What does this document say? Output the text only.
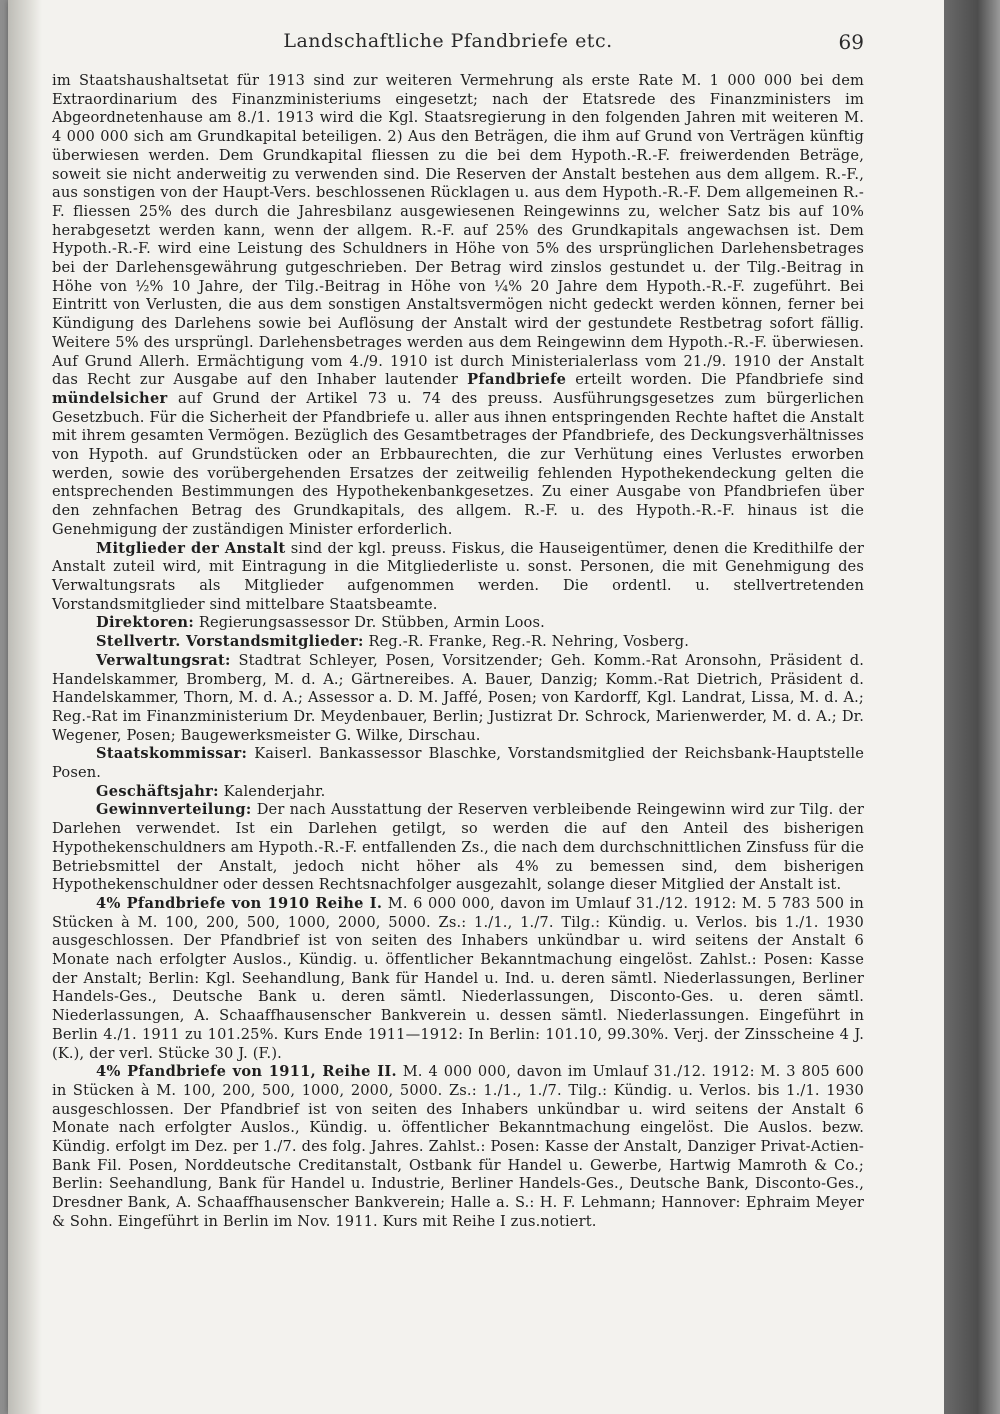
Landschaftliche Pfandbriefe etc.	69

im Staatshaushaltsetat für 1913 sind zur weiteren Vermehrung als erste Rate M. 1 000 000 bei dem Extraordinarium des Finanzministeriums eingesetzt; nach der Etatsrede des Finanzministers im Abgeordnetenhause am 8./1. 1913 wird die Kgl. Staatsregierung in den folgenden Jahren mit weiteren M. 4 000 000 sich am Grundkapital beteiligen. 2) Aus den Beträgen, die ihm auf Grund von Verträgen künftig überwiesen werden. Dem Grundkapital fliessen zu die bei dem Hypoth.-R.-F. freiwerdenden Beträge, soweit sie nicht anderweitig zu verwenden sind. Die Reserven der Anstalt bestehen aus dem allgem. R.-F., aus sonstigen von der Haupt-Vers. beschlossenen Rücklagen u. aus dem Hypoth.-R.-F. Dem allgemeinen R.-F. fliessen 25% des durch die Jahresbilanz ausgewiesenen Reingewinns zu, welcher Satz bis auf 10% herabgesetzt werden kann, wenn der allgem. R.-F. auf 25% des Grundkapitals angewachsen ist. Dem Hypoth.-R.-F. wird eine Leistung des Schuldners in Höhe von 5% des ursprünglichen Darlehensbetrages bei der Darlehensgewährung gutgeschrieben. Der Betrag wird zinslos gestundet u. der Tilg.-Beitrag in Höhe von ½% 10 Jahre, der Tilg.-Beitrag in Höhe von ¼% 20 Jahre dem Hypoth.-R.-F. zugeführt. Bei Eintritt von Verlusten, die aus dem sonstigen Anstaltsvermögen nicht gedeckt werden können, ferner bei Kündigung des Darlehens sowie bei Auflösung der Anstalt wird der gestundete Restbetrag sofort fällig. Weitere 5% des ursprüngl. Darlehensbetrages werden aus dem Reingewinn dem Hypoth.-R.-F. überwiesen. Auf Grund Allerh. Ermächtigung vom 4./9. 1910 ist durch Ministerialerlass vom 21./9. 1910 der Anstalt das Recht zur Ausgabe auf den Inhaber lautender Pfandbriefe erteilt worden. Die Pfandbriefe sind mündelsicher auf Grund der Artikel 73 u. 74 des preuss. Ausführungsgesetzes zum bürgerlichen Gesetzbuch. Für die Sicherheit der Pfandbriefe u. aller aus ihnen entspringenden Rechte haftet die Anstalt mit ihrem gesamten Vermögen. Bezüglich des Gesamtbetrages der Pfandbriefe, des Deckungsverhältnisses von Hypoth. auf Grundstücken oder an Erbbaurechten, die zur Verhütung eines Verlustes erworben werden, sowie des vorübergehenden Ersatzes der zeitweilig fehlenden Hypothekendeckung gelten die entsprechenden Bestimmungen des Hypothekenbankgesetzes. Zu einer Ausgabe von Pfandbriefen über den zehnfachen Betrag des Grundkapitals, des allgem. R.-F. u. des Hypoth.-R.-F. hinaus ist die Genehmigung der zuständigen Minister erforderlich.

Mitglieder der Anstalt sind der kgl. preuss. Fiskus, die Hauseigentümer, denen die Kredithilfe der Anstalt zuteil wird, mit Eintragung in die Mitgliederliste u. sonst. Personen, die mit Genehmigung des Verwaltungsrats als Mitglieder aufgenommen werden. Die ordentl. u. stellvertretenden Vorstandsmitglieder sind mittelbare Staatsbeamte.

Direktoren: Regierungsassessor Dr. Stübben, Armin Loos.

Stellvertr. Vorstandsmitglieder: Reg.-R. Franke, Reg.-R. Nehring, Vosberg.

Verwaltungsrat: Stadtrat Schleyer, Posen, Vorsitzender; Geh. Komm.-Rat Aronsohn, Präsident d. Handelskammer, Bromberg, M. d. A.; Gärtnereibes. A. Bauer, Danzig; Komm.-Rat Dietrich, Präsident d. Handelskammer, Thorn, M. d. A.; Assessor a. D. M. Jaffé, Posen; von Kardorff, Kgl. Landrat, Lissa, M. d. A.; Reg.-Rat im Finanzministerium Dr. Meydenbauer, Berlin; Justizrat Dr. Schrock, Marienwerder, M. d. A.; Dr. Wegener, Posen; Baugewerksmeister G. Wilke, Dirschau.

Staatskommissar: Kaiserl. Bankassessor Blaschke, Vorstandsmitglied der Reichsbank-Hauptstelle Posen.

Geschäftsjahr: Kalenderjahr.

Gewinnverteilung: Der nach Ausstattung der Reserven verbleibende Reingewinn wird zur Tilg. der Darlehen verwendet. Ist ein Darlehen getilgt, so werden die auf den Anteil des bisherigen Hypothekenschuldners am Hypoth.-R.-F. entfallenden Zs., die nach dem durchschnittlichen Zinsfuss für die Betriebsmittel der Anstalt, jedoch nicht höher als 4% zu bemessen sind, dem bisherigen Hypothekenschuldner oder dessen Rechtsnachfolger ausgezahlt, solange dieser Mitglied der Anstalt ist.

4% Pfandbriefe von 1910 Reihe I. M. 6 000 000, davon im Umlauf 31./12. 1912: M. 5 783 500 in Stücken à M. 100, 200, 500, 1000, 2000, 5000. Zs.: 1./1., 1./7. Tilg.: Kündig. u. Verlos. bis 1./1. 1930 ausgeschlossen. Der Pfandbrief ist von seiten des Inhabers unkündbar u. wird seitens der Anstalt 6 Monate nach erfolgter Auslos., Kündig. u. öffentlicher Bekanntmachung eingelöst. Zahlst.: Posen: Kasse der Anstalt; Berlin: Kgl. Seehandlung, Bank für Handel u. Ind. u. deren sämtl. Niederlassungen, Berliner Handels-Ges., Deutsche Bank u. deren sämtl. Niederlassungen, Disconto-Ges. u. deren sämtl. Niederlassungen, A. Schaaffhausenscher Bankverein u. dessen sämtl. Niederlassungen. Eingeführt in Berlin 4./1. 1911 zu 101.25%. Kurs Ende 1911—1912: In Berlin: 101.10, 99.30%. Verj. der Zinsscheine 4 J. (K.), der verl. Stücke 30 J. (F.).

4% Pfandbriefe von 1911, Reihe II. M. 4 000 000, davon im Umlauf 31./12. 1912: M. 3 805 600 in Stücken à M. 100, 200, 500, 1000, 2000, 5000. Zs.: 1./1., 1./7. Tilg.: Kündig. u. Verlos. bis 1./1. 1930 ausgeschlossen. Der Pfandbrief ist von seiten des Inhabers unkündbar u. wird seitens der Anstalt 6 Monate nach erfolgter Auslos., Kündig. u. öffentlicher Bekanntmachung eingelöst. Die Auslos. bezw. Kündig. erfolgt im Dez. per 1./7. des folg. Jahres. Zahlst.: Posen: Kasse der Anstalt, Danziger Privat-Actien-Bank Fil. Posen, Norddeutsche Creditanstalt, Ostbank für Handel u. Gewerbe, Hartwig Mamroth & Co.; Berlin: Seehandlung, Bank für Handel u. Industrie, Berliner Handels-Ges., Deutsche Bank, Disconto-Ges., Dresdner Bank, A. Schaaffhausenscher Bankverein; Halle a. S.: H. F. Lehmann; Hannover: Ephraim Meyer & Sohn. Eingeführt in Berlin im Nov. 1911. Kurs mit Reihe I zus.notiert.
